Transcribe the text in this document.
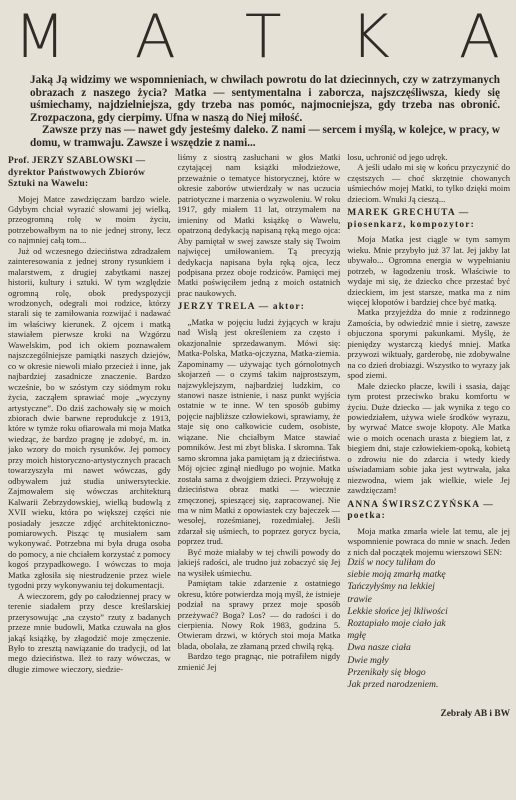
M A T K A

Jaką Ją widzimy we wspomnieniach, w chwilach powrotu do lat dziecinnych, czy w zatrzymanych obrazach z naszego życia? Matka — sentymentalna i zaborcza, najszczęśliwsza, kiedy się uśmiechamy, najdzielniejsza, gdy trzeba nas pomóc, najmocniejsza, gdy trzeba nas obronić. Zrozpaczona, gdy cierpimy. Ufna w naszą do Niej miłość.

Zawsze przy nas — nawet gdy jesteśmy daleko. Z nami — sercem i myślą, w kolejce, w pracy, w domu, w tramwaju. Zawsze i wszędzie z nami...

Prof. JERZY SZABLOWSKI — dyrektor Państwowych Zbiorów Sztuki na Wawelu:

Mojej Matce zawdzięczam bardzo wiele. Gdybym chciał wyrazić słowami jej wielką, przeogromną rolę w moim życiu, potrzebowałbym na to nie jednej strony, lecz co najmniej całą tom...

Już od wczesnego dzieciństwa zdradzałem zainteresowania z jednej strony rysunkiem i malarstwem, z drugiej zabytkami naszej historii, kultury i sztuki. W tym względzie ogromną rolę, obok predyspozycji wrodzonych, odegrali moi rodzice, którzy starali się te zamiłowania rozwijać i nadawać im właściwy kierunek. Z ojcem i matką stawiałem pierwsze kroki na Wzgórzu Wawelskim, pod ich okiem poznawałem najszczególniejsze pamiątki naszych dziejów, co w okresie niewoli miało przecież i inne, jak najbardziej zasadnicze znaczenie. Bardzo wcześnie, bo w szóstym czy siódmym roku życia, zacząłem sprawiać moje „wyczyny artystyczne”. Do dziś zachowały się w moich zbiorach dwie barwne reprodukcje z 1913, które w tymże roku ofiarowała mi moja Matka wiedząc, że bardzo pragnę je zdobyć, m. in. jako wzory do moich rysunków. Jej pomocy przy moich historyczno-artystycznych pracach towarzyszyła mi nawet wówczas, gdy odbywałem już studia uniwersyteckie. Zajmowałem się wówczas architekturą Kalwarii Zebrzydowskiej, wielką budowlą z XVII wieku, która po większej części nie posiadały jeszcze zdjęć architektoniczno-pomiarowych. Pisząc tę musiałem sam wykonywać. Potrzebna mi była druga osoba do pomocy, a nie chciałem korzystać z pomocy kogoś przypadkowego. I wówczas to moja Matka zgłosiła się niestrudzenie przez wiele tygodni przy wykonywaniu tej dokumentacji.

A wieczorem, gdy po całodziennej pracy w terenie siadałem przy desce kreślarskiej przerysowując „na czysto” rzuty z badanych przeze mnie budowli, Matka czuwała na głos jakąś książkę, by złagodzić moje zmęczenie. Było to zresztą nawiązanie do tradycji, od lat mego dzieciństwa. Ileż to razy wówczas, w długie zimowe wieczory, siedzie-

liśmy z siostrą zasłuchani w głos Matki czytającej nam książki młodzieżowe, przeważnie o tematyce historycznej, które w okresie zaborów utwierdzały w nas uczucia patriotyczne i marzenia o wyzwoleniu. W roku 1917, gdy miałem 11 lat, otrzymałem na imieniny od Matki książkę o Wawelu, opatrzoną dedykacją napisaną ręką mego ojca: Aby pamiętał w swej zawsze stały się Twoim najwięcej umiłowaniem. Tą precyzją dedykacja napisana była ręką ojca, lecz podpisana przez oboje rodziców. Pamięci mej Matki poświęciłem jedną z moich ostatnich prac naukowych.

JERZY TRELA — aktor:

„Matka w pojęciu ludzi żyjących w kraju nad Wisłą jest określeniem za często i okazjonalnie sprzedawanym. Mówi się: Matka-Polska, Matka-ojczyzna, Matka-ziemia. Zapominamy — używając tych górnolotnych skojarzeń — o czymś takim najprostszym, najzwyklejszym, najbardziej ludzkim, co stanowi nasze istnienie, i nasz punkt wyjścia ostatnie w te inne. W ten sposób gubimy pojęcie najbliższe człowiekowi, sprawiamy, że staje się ono całkowicie cudem, osobiste, wiązane. Nie chciałbym Matce stawiać pomników. Jest mi zbyt bliska. I skromna. Tak samo skromna jaka pamiętam ją z dzieciństwa. Mój ojciec zginął niedługo po wojnie. Matka została sama z dwojgiem dzieci. Przywołuję z dzieciństwa obraz matki — wiecznie zmęczonej, spieszącej się, zapracowanej. Nie ma w nim Matki z opowiastek czy bajeczek — wesołej, roześmianej, rozedmiałej. Jeśli zdarzał się uśmiech, to poprzez gorycz bycia, poprzez trud.

Być może miałaby w tej chwili powody do jakiejś radości, ale trudno już zobaczyć się Jej na wysiłek uśmiechu.

Pamiętam takie zdarzenie z ostatniego okresu, które potwierdza moją myśl, że istnieje podział na sprawy przez moje sposób przeżywać? Boga? Los? — do radości i do cierpienia. Nowy Rok 1983, godzina 5. Otwieram drzwi, w których stoi moja Matka blada, obolała, ze złamaną przed chwilą ręką.

Bardzo tego pragnąc, nie potrafiłem nigdy zmienić Jej

losu, uchronić od jego udręk.

A jeśli udało mi się w końcu przyczynić do częstszych — choć skrzętnie chowanych uśmiechów mojej Matki, to tylko dzięki moim dzieciom. Wnuki Ją cieszą...

MAREK GRECHUTA — piosenkarz, kompozytor:

Moja Matka jest ciągle w tym samym wieku. Mnie przybyło już 37 lat. Jej jakby lat ubywało... Ogromna energia w wypełnianiu potrzeb, w łagodzeniu trosk. Właściwie to wydaje mi się, że dziecko chce przestać być dzieckiem, im jest starsze, matka ma z nim więcej kłopotów i bardziej chce być matką.

Matka przyjeżdża do mnie z rodzinnego Zamościa, by odwiedzić mnie i sietrę, zawsze objuczona sporymi pakunkami. Myślę, że pieniędzy wystarczą kiedyś mniej. Matka przywozi wiktuały, garderobę, nie zdobywalne na co dzień drobiazgi. Wszystko to wyrazy jak spod ziemi.

Małe dziecko płacze, kwili i ssasia, dając tym protest przeciwko braku komfortu w życiu. Duże dziecko — jak wynika z tego co powiedziałem, używa wiele środków wyrazu, by wyrwać Matce swoje kłopoty. Ale Matka wie o moich ocenach urasta z biegiem lat, z biegiem dni, staje człowiekiem-opoką, kobietą o zdrowiu nie do zdarcia i wtedy kiedy uświadamiam sobie jaka jest wytrwała, jaka niezwodna, wiem jak wielkie, wiele Jej zawdzięczam!

ANNA ŚWIRSZCZYŃSKA — poetka:

Moja matka zmarła wiele lat temu, ale jej wspomnienie powraca do mnie w snach. Jeden z nich dał początek mojemu wierszowi SEN:

Dziś w nocy tuliłam do

siebie moją zmarłą matkę

Tańczyłyśmy na lekkiej

trawie

Lekkie słońce jej lkliwości

Roztapiało moje ciało jak

mgłę

Dwa nasze ciała

Dwie mgły

Przenikały się błogo

Jak przed narodzeniem.

Zebrały AB i BW
